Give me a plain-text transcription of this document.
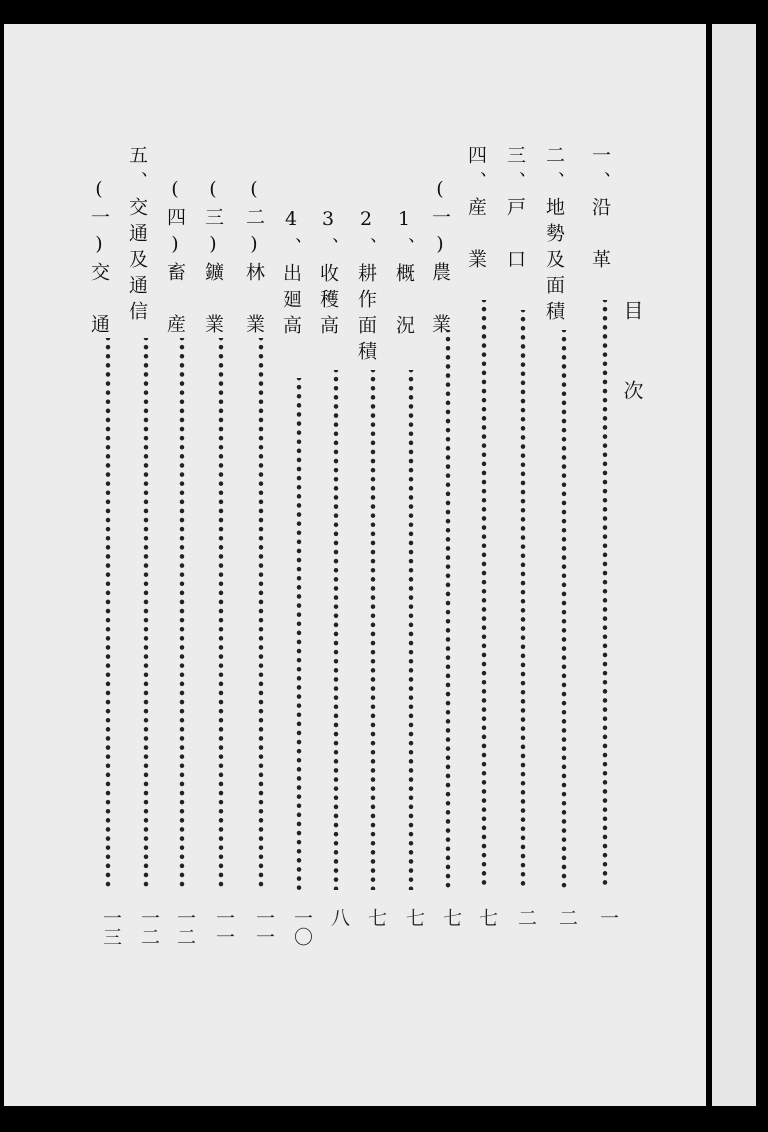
目次
一、沿　革
二、地勢及面積
三、戸　口
四、産　業
(一)農　業
1、概　況
2、耕作面積
3、收穫高
4、出廻高
(二)林　業
(三)鑛　業
(四)畜　産
五、交通及通信
(一)交　通
一
二
二
七
七
七
七
八
一〇
一一
一一
一二
一二
一三
